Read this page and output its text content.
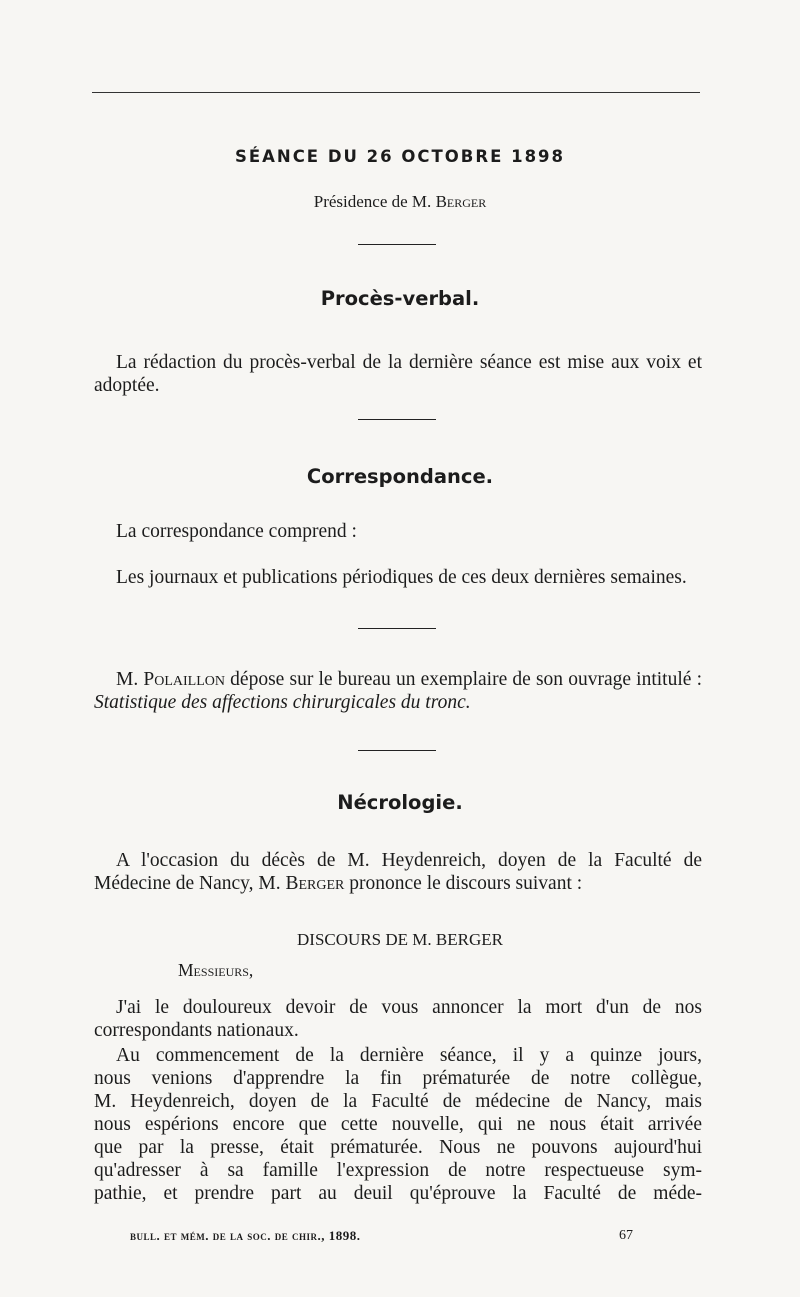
SÉANCE DU 26 OCTOBRE 1898

Présidence de M. Berger

Procès-verbal.

La rédaction du procès-verbal de la dernière séance est mise aux voix et adoptée.

Correspondance.

La correspondance comprend :

Les journaux et publications périodiques de ces deux dernières semaines.

M. Polaillon dépose sur le bureau un exemplaire de son ouvrage intitulé : Statistique des affections chirurgicales du tronc.

Nécrologie.

A l'occasion du décès de M. Heydenreich, doyen de la Faculté de Médecine de Nancy, M. Berger prononce le discours suivant :

DISCOURS DE M. BERGER

Messieurs,

J'ai le douloureux devoir de vous annoncer la mort d'un de nos correspondants nationaux.

Au commencement de la dernière séance, il y a quinze jours,
nous venions d'apprendre la fin prématurée de notre collègue,
M. Heydenreich, doyen de la Faculté de médecine de Nancy, mais
nous espérions encore que cette nouvelle, qui ne nous était arrivée
que par la presse, était prématurée. Nous ne pouvons aujourd'hui
qu'adresser à sa famille l'expression de notre respectueuse sym-
pathie, et prendre part au deuil qu'éprouve la Faculté de méde-

bull. et mém. de la soc. de chir., 1898.	67
